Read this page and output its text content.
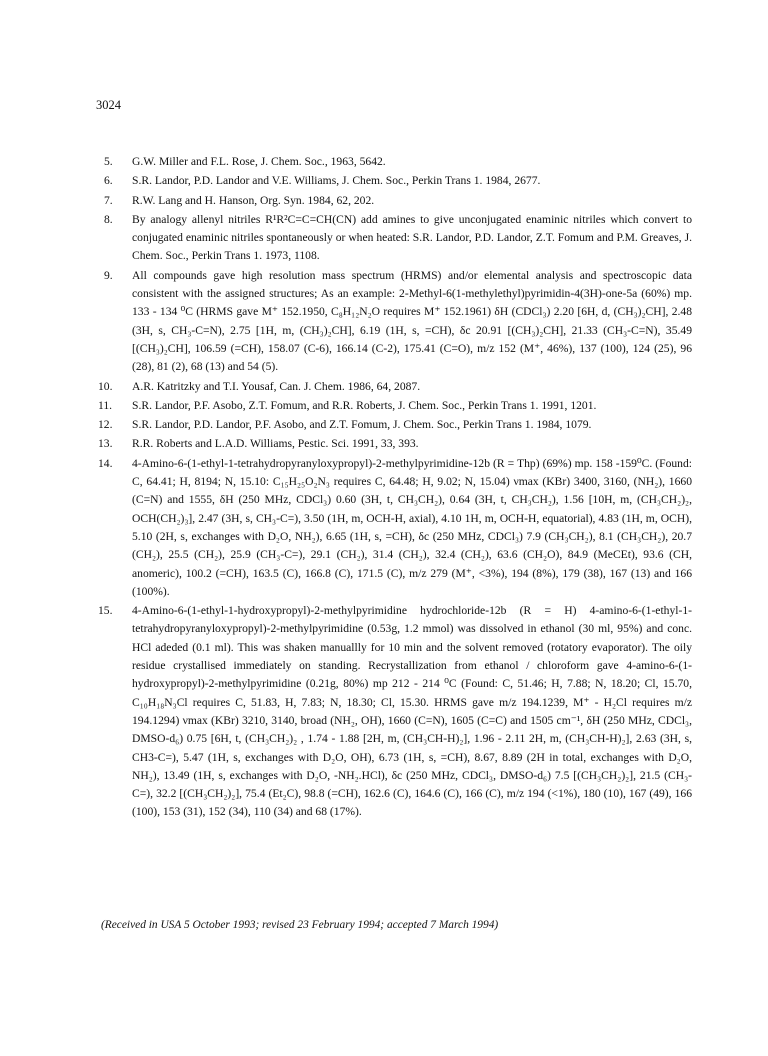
3024
5. G.W. Miller and F.L. Rose, J. Chem. Soc., 1963, 5642.
6. S.R. Landor, P.D. Landor and V.E. Williams, J. Chem. Soc., Perkin Trans 1. 1984, 2677.
7. R.W. Lang and H. Hanson, Org. Syn. 1984, 62, 202.
8. By analogy allenyl nitriles R¹R²C=C=CH(CN) add amines to give unconjugated enaminic nitriles which convert to conjugated enaminic nitriles spontaneously or when heated: S.R. Landor, P.D. Landor, Z.T. Fomum and P.M. Greaves, J. Chem. Soc., Perkin Trans 1. 1973, 1108.
9. All compounds gave high resolution mass spectrum (HRMS) and/or elemental analysis and spectroscopic data consistent with the assigned structures; As an example: 2-Methyl-6(1-methylethyl)pyrimidin-4(3H)-one-5a (60%) mp. 133 - 134 ⁰C (HRMS gave M⁺ 152.1950, C₈H₁₂N₂O requires M⁺ 152.1961) δH (CDCl₃) 2.20 [6H, d, (CH₃)₂CH], 2.48 (3H, s, CH₃-C=N), 2.75 [1H, m, (CH₃)₂CH], 6.19 (1H, s, =CH), δc 20.91 [(CH₃)₂CH], 21.33 (CH₃-C=N), 35.49 [(CH₃)₂CH], 106.59 (=CH), 158.07 (C-6), 166.14 (C-2), 175.41 (C=O), m/z 152 (M⁺, 46%), 137 (100), 124 (25), 96 (28), 81 (2), 68 (13) and 54 (5).
10. A.R. Katritzky and T.I. Yousaf, Can. J. Chem. 1986, 64, 2087.
11. S.R. Landor, P.F. Asobo, Z.T. Fomum, and R.R. Roberts, J. Chem. Soc., Perkin Trans 1. 1991, 1201.
12. S.R. Landor, P.D. Landor, P.F. Asobo, and Z.T. Fomum, J. Chem. Soc., Perkin Trans 1. 1984, 1079.
13. R.R. Roberts and L.A.D. Williams, Pestic. Sci. 1991, 33, 393.
14. 4-Amino-6-(1-ethyl-1-tetrahydropyranyloxypropyl)-2-methylpyrimidine-12b (R = Thp) (69%) mp. 158 -159⁰C. (Found: C, 64.41; H, 8194; N, 15.10: C₁₅H₂₅O₂N₃ requires C, 64.48; H, 9.02; N, 15.04) νmax (KBr) 3400, 3160, (NH₂), 1660 (C=N) and 1555, δH (250 MHz, CDCl₃) 0.60 (3H, t, CH₃CH₂), 0.64 (3H, t, CH₃CH₂), 1.56 [10H, m, (CH₃CH₂)₂, OCH(CH₂)₃], 2.47 (3H, s, CH₃-C=), 3.50 (1H, m, OCH-H, axial), 4.10 1H, m, OCH-H, equatorial), 4.83 (1H, m, OCH), 5.10 (2H, s, exchanges with D₂O, NH₂), 6.65 (1H, s, =CH), δc (250 MHz, CDCl₃) 7.9 (CH₃CH₂), 8.1 (CH₃CH₂), 20.7 (CH₂), 25.5 (CH₂), 25.9 (CH₃-C=), 29.1 (CH₂), 31.4 (CH₂), 32.4 (CH₂), 63.6 (CH₂O), 84.9 (MeCEt), 93.6 (CH, anomeric), 100.2 (=CH), 163.5 (C), 166.8 (C), 171.5 (C), m/z 279 (M⁺, <3%), 194 (8%), 179 (38), 167 (13) and 166 (100%).
15. 4-Amino-6-(1-ethyl-1-hydroxypropyl)-2-methylpyrimidine hydrochloride-12b (R = H) 4-amino-6-(1-ethyl-1-tetrahydropyranyloxypropyl)-2-methylpyrimidine (0.53g, 1.2 mmol) was dissolved in ethanol (30 ml, 95%) and conc. HCl adeded (0.1 ml). This was shaken manuallly for 10 min and the solvent removed (rotatory evaporator). The oily residue crystallised immediately on standing. Recrystallization from ethanol / chloroform gave 4-amino-6-(1-hydroxypropyl)-2-methylpyrimidine (0.21g, 80%) mp 212 - 214 ⁰C (Found: C, 51.46; H, 7.88; N, 18.20; Cl, 15.70, C₁₀H₁₈N₃Cl requires C, 51.83, H, 7.83; N, 18.30; Cl, 15.30. HRMS gave m/z 194.1239, M⁺ - H₂Cl requires m/z 194.1294) νmax (KBr) 3210, 3140, broad (NH₂, OH), 1660 (C=N), 1605 (C=C) and 1505 cm⁻¹, δH (250 MHz, CDCl₃, DMSO-d₆) 0.75 [6H, t, (CH₃CH₂)₂ , 1.74 - 1.88 [2H, m, (CH₃CH-H)₂], 1.96 - 2.11 2H, m, (CH₃CH-H)₂], 2.63 (3H, s, CH3-C=), 5.47 (1H, s, exchanges with D₂O, OH), 6.73 (1H, s, =CH), 8.67, 8.89 (2H in total, exchanges with D₂O, NH₂), 13.49 (1H, s, exchanges with D₂O, -NH₂.HCl), δc (250 MHz, CDCl₃, DMSO-d₆) 7.5 [(CH₃CH₂)₂], 21.5 (CH₃-C=), 32.2 [(CH₃CH₂)₂], 75.4 (Et₂C), 98.8 (=CH), 162.6 (C), 164.6 (C), 166 (C), m/z 194 (<1%), 180 (10), 167 (49), 166 (100), 153 (31), 152 (34), 110 (34) and 68 (17%).
(Received in USA 5 October 1993; revised 23 February 1994; accepted 7 March 1994)
